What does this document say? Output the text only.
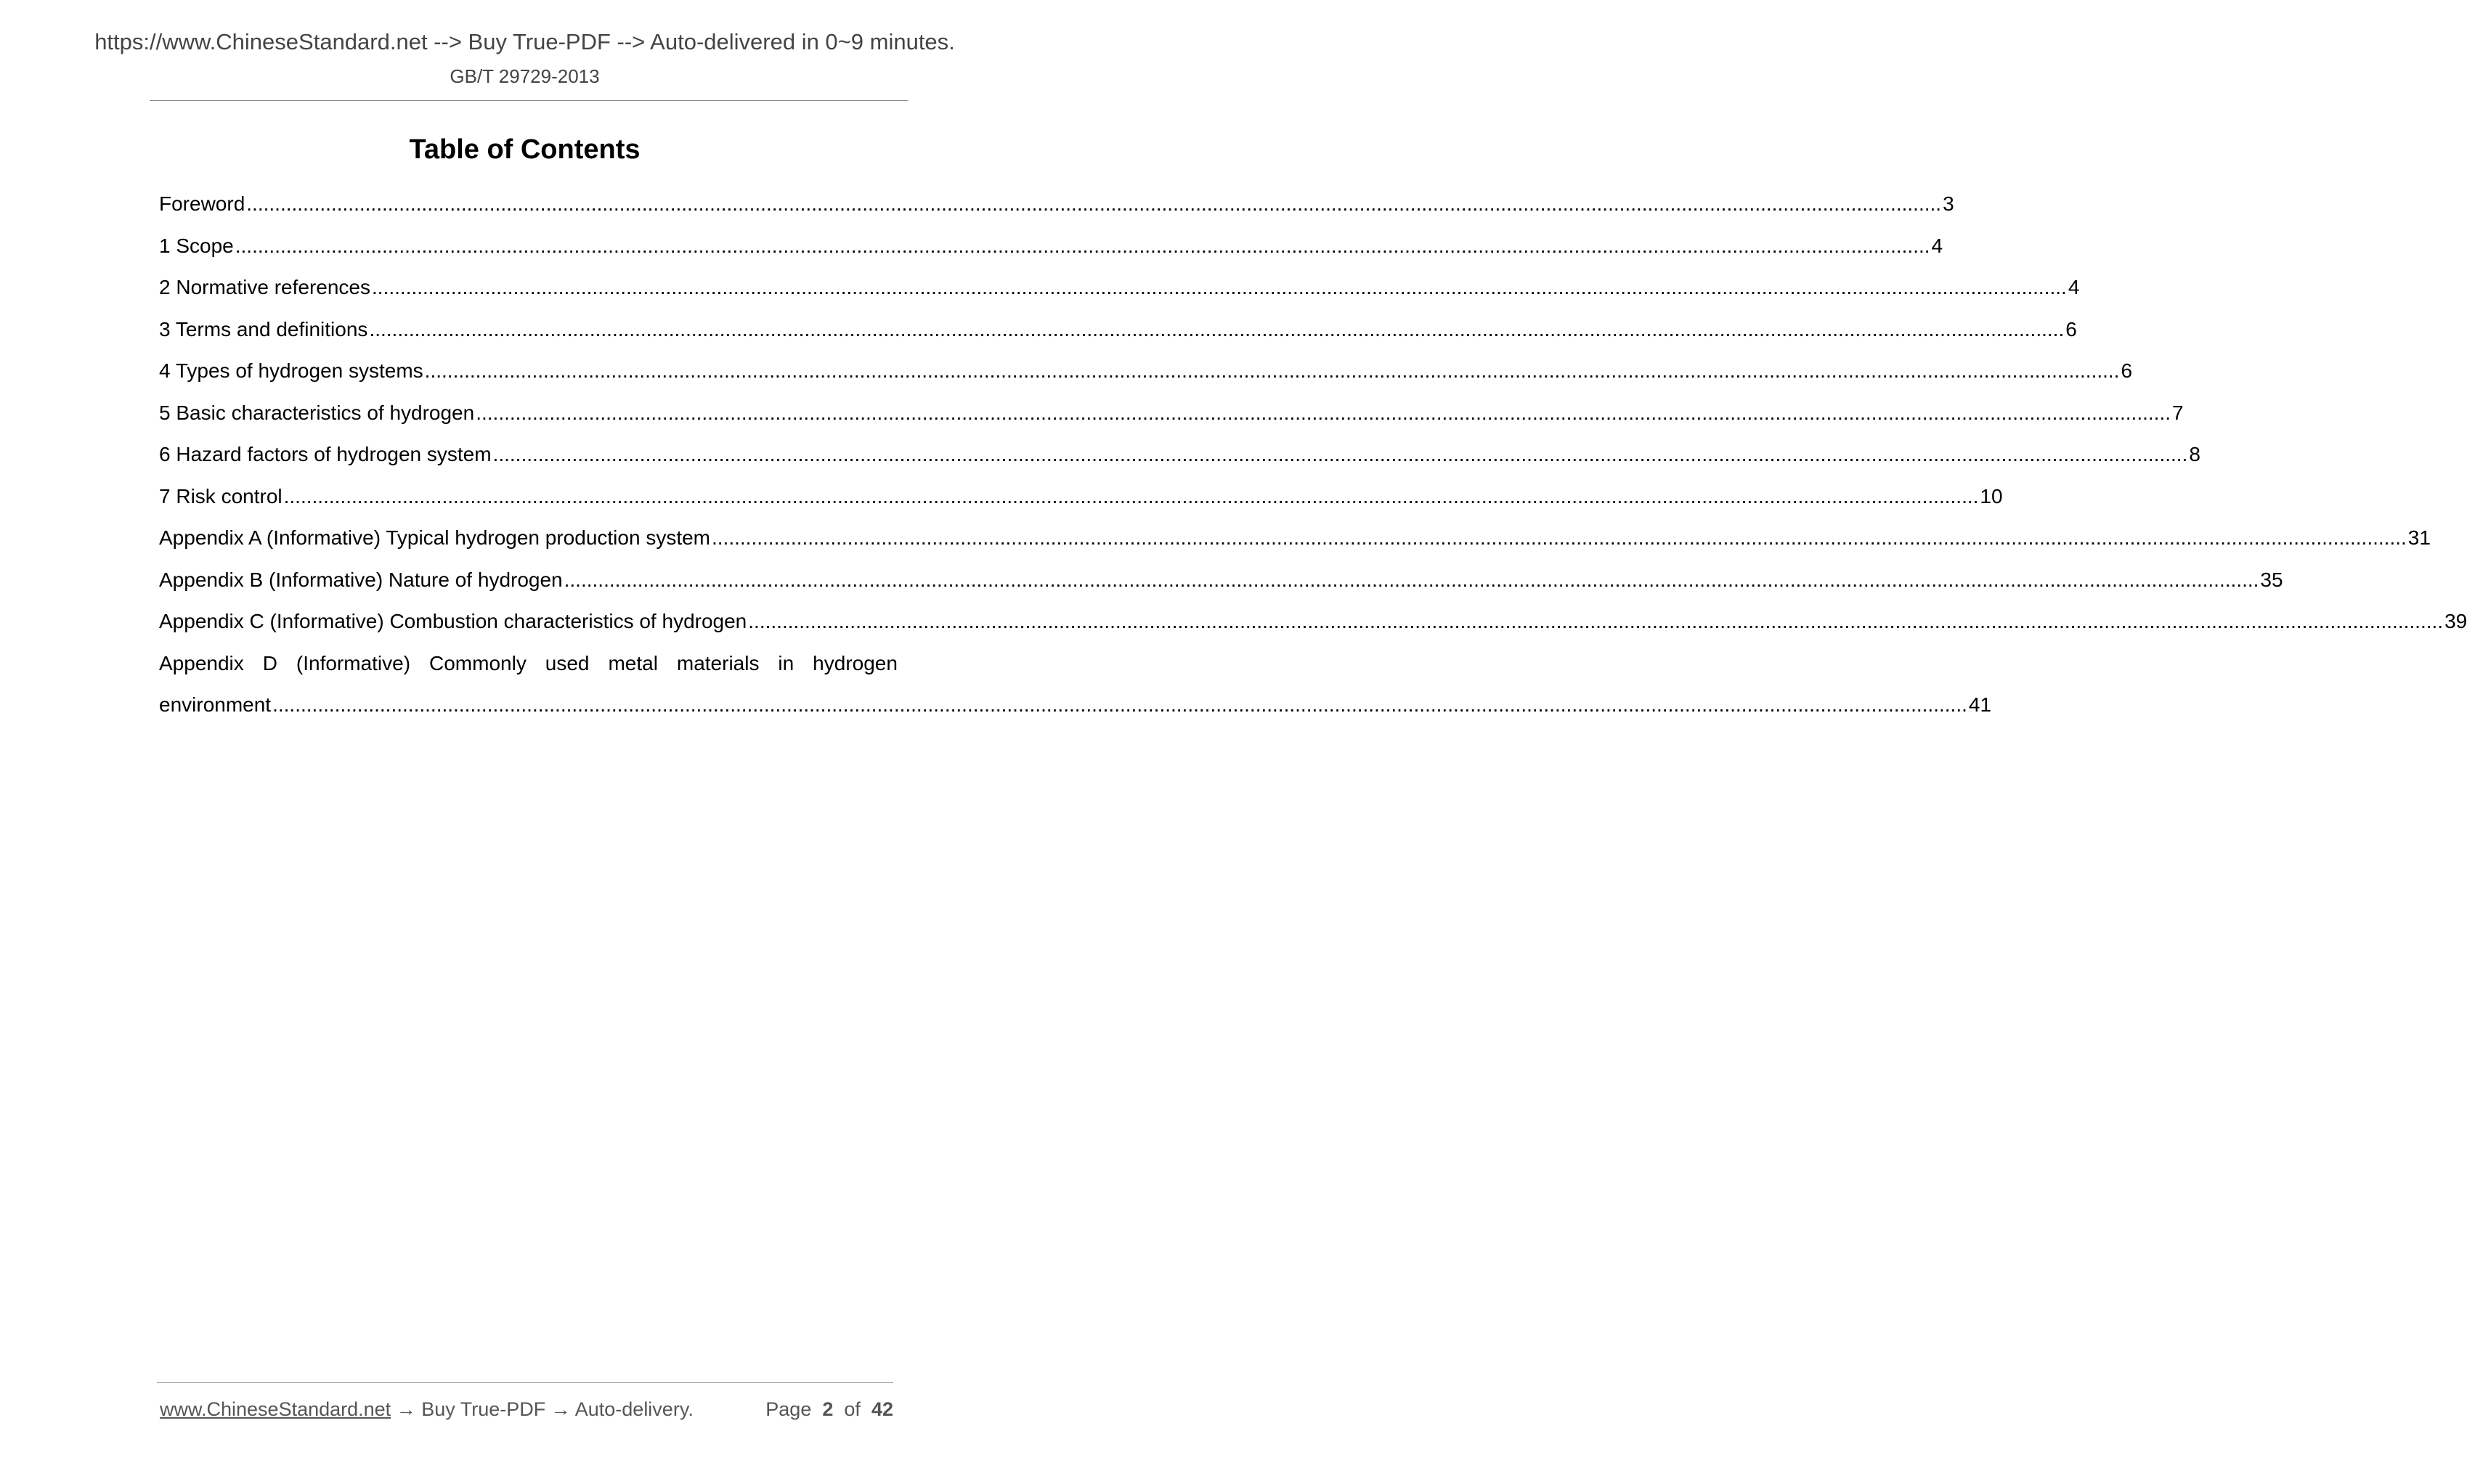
https://www.ChineseStandard.net --> Buy True-PDF --> Auto-delivered in 0~9 minutes.
GB/T 29729-2013
Table of Contents
Foreword ............................................................................................................................................................................................................................................................................................................ 3
1 Scope ............................................................................................................................................................................................................................................................................................................ 4
2 Normative references ............................................................................................................................................................................................................................................................................................................ 4
3 Terms and definitions ............................................................................................................................................................................................................................................................................................................ 6
4 Types of hydrogen systems ............................................................................................................................................................................................................................................................................................................ 6
5 Basic characteristics of hydrogen ............................................................................................................................................................................................................................................................................................................ 7
6 Hazard factors of hydrogen system ............................................................................................................................................................................................................................................................................................................ 8
7 Risk control ............................................................................................................................................................................................................................................................................................................ 10
Appendix A (Informative) Typical hydrogen production system ............................................................................................................................................................................................................................................................................................................ 31
Appendix B (Informative) Nature of hydrogen ............................................................................................................................................................................................................................................................................................................ 35
Appendix C (Informative) Combustion characteristics of hydrogen ............................................................................................................................................................................................................................................................................................................ 39
Appendix D (Informative) Commonly used metal materials in hydrogen
environment ............................................................................................................................................................................................................................................................................................................ 41
www.ChineseStandard.net → Buy True-PDF → Auto-delivery.	Page 2 of 42
